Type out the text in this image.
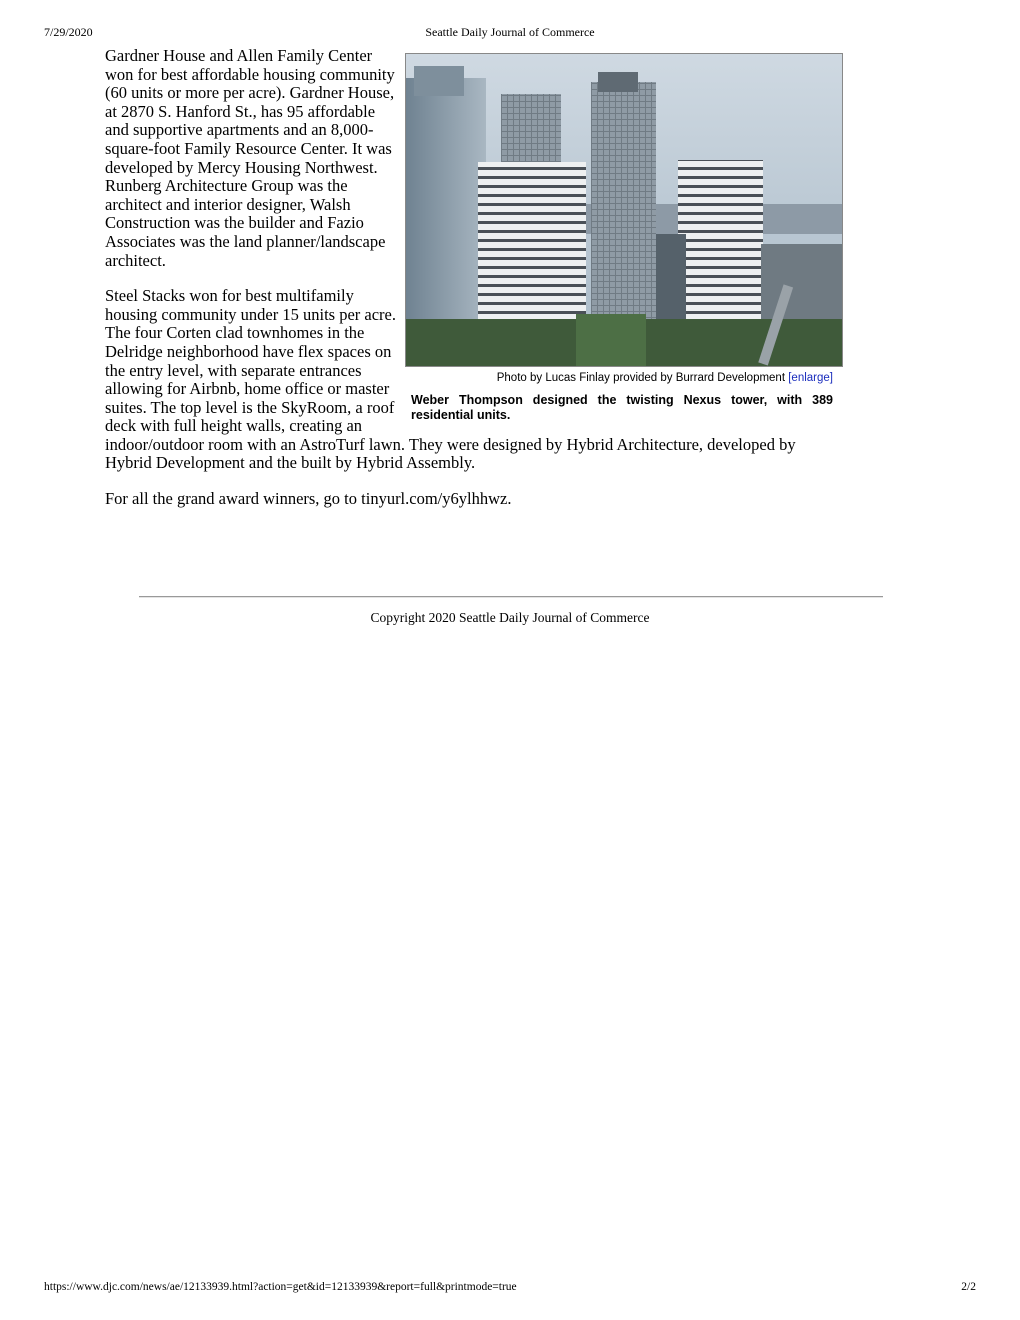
7/29/2020	Seattle Daily Journal of Commerce
Photo by Lucas Finlay provided by Burrard Development [enlarge]
Weber Thompson designed the twisting Nexus tower, with 389 residential units.

Gardner House and Allen Family Center won for best affordable housing community (60 units or more per acre). Gardner House, at 2870 S. Hanford St., has 95 affordable and supportive apartments and an 8,000-square-foot Family Resource Center. It was developed by Mercy Housing Northwest. Runberg Architecture Group was the architect and interior designer, Walsh Construction was the builder and Fazio Associates was the land planner/landscape architect.

Steel Stacks won for best multifamily housing community under 15 units per acre. The four Corten clad townhomes in the Delridge neighborhood have flex spaces on the entry level, with separate entrances allowing for Airbnb, home office or master suites. The top level is the SkyRoom, a roof deck with full height walls, creating an indoor/outdoor room with an AstroTurf lawn. They were designed by Hybrid Architecture, developed by Hybrid Development and the built by Hybrid Assembly.

For all the grand award winners, go to tinyurl.com/y6ylhhwz.

Copyright 2020 Seattle Daily Journal of Commerce
https://www.djc.com/news/ae/12133939.html?action=get&id=12133939&report=full&printmode=true	2/2
